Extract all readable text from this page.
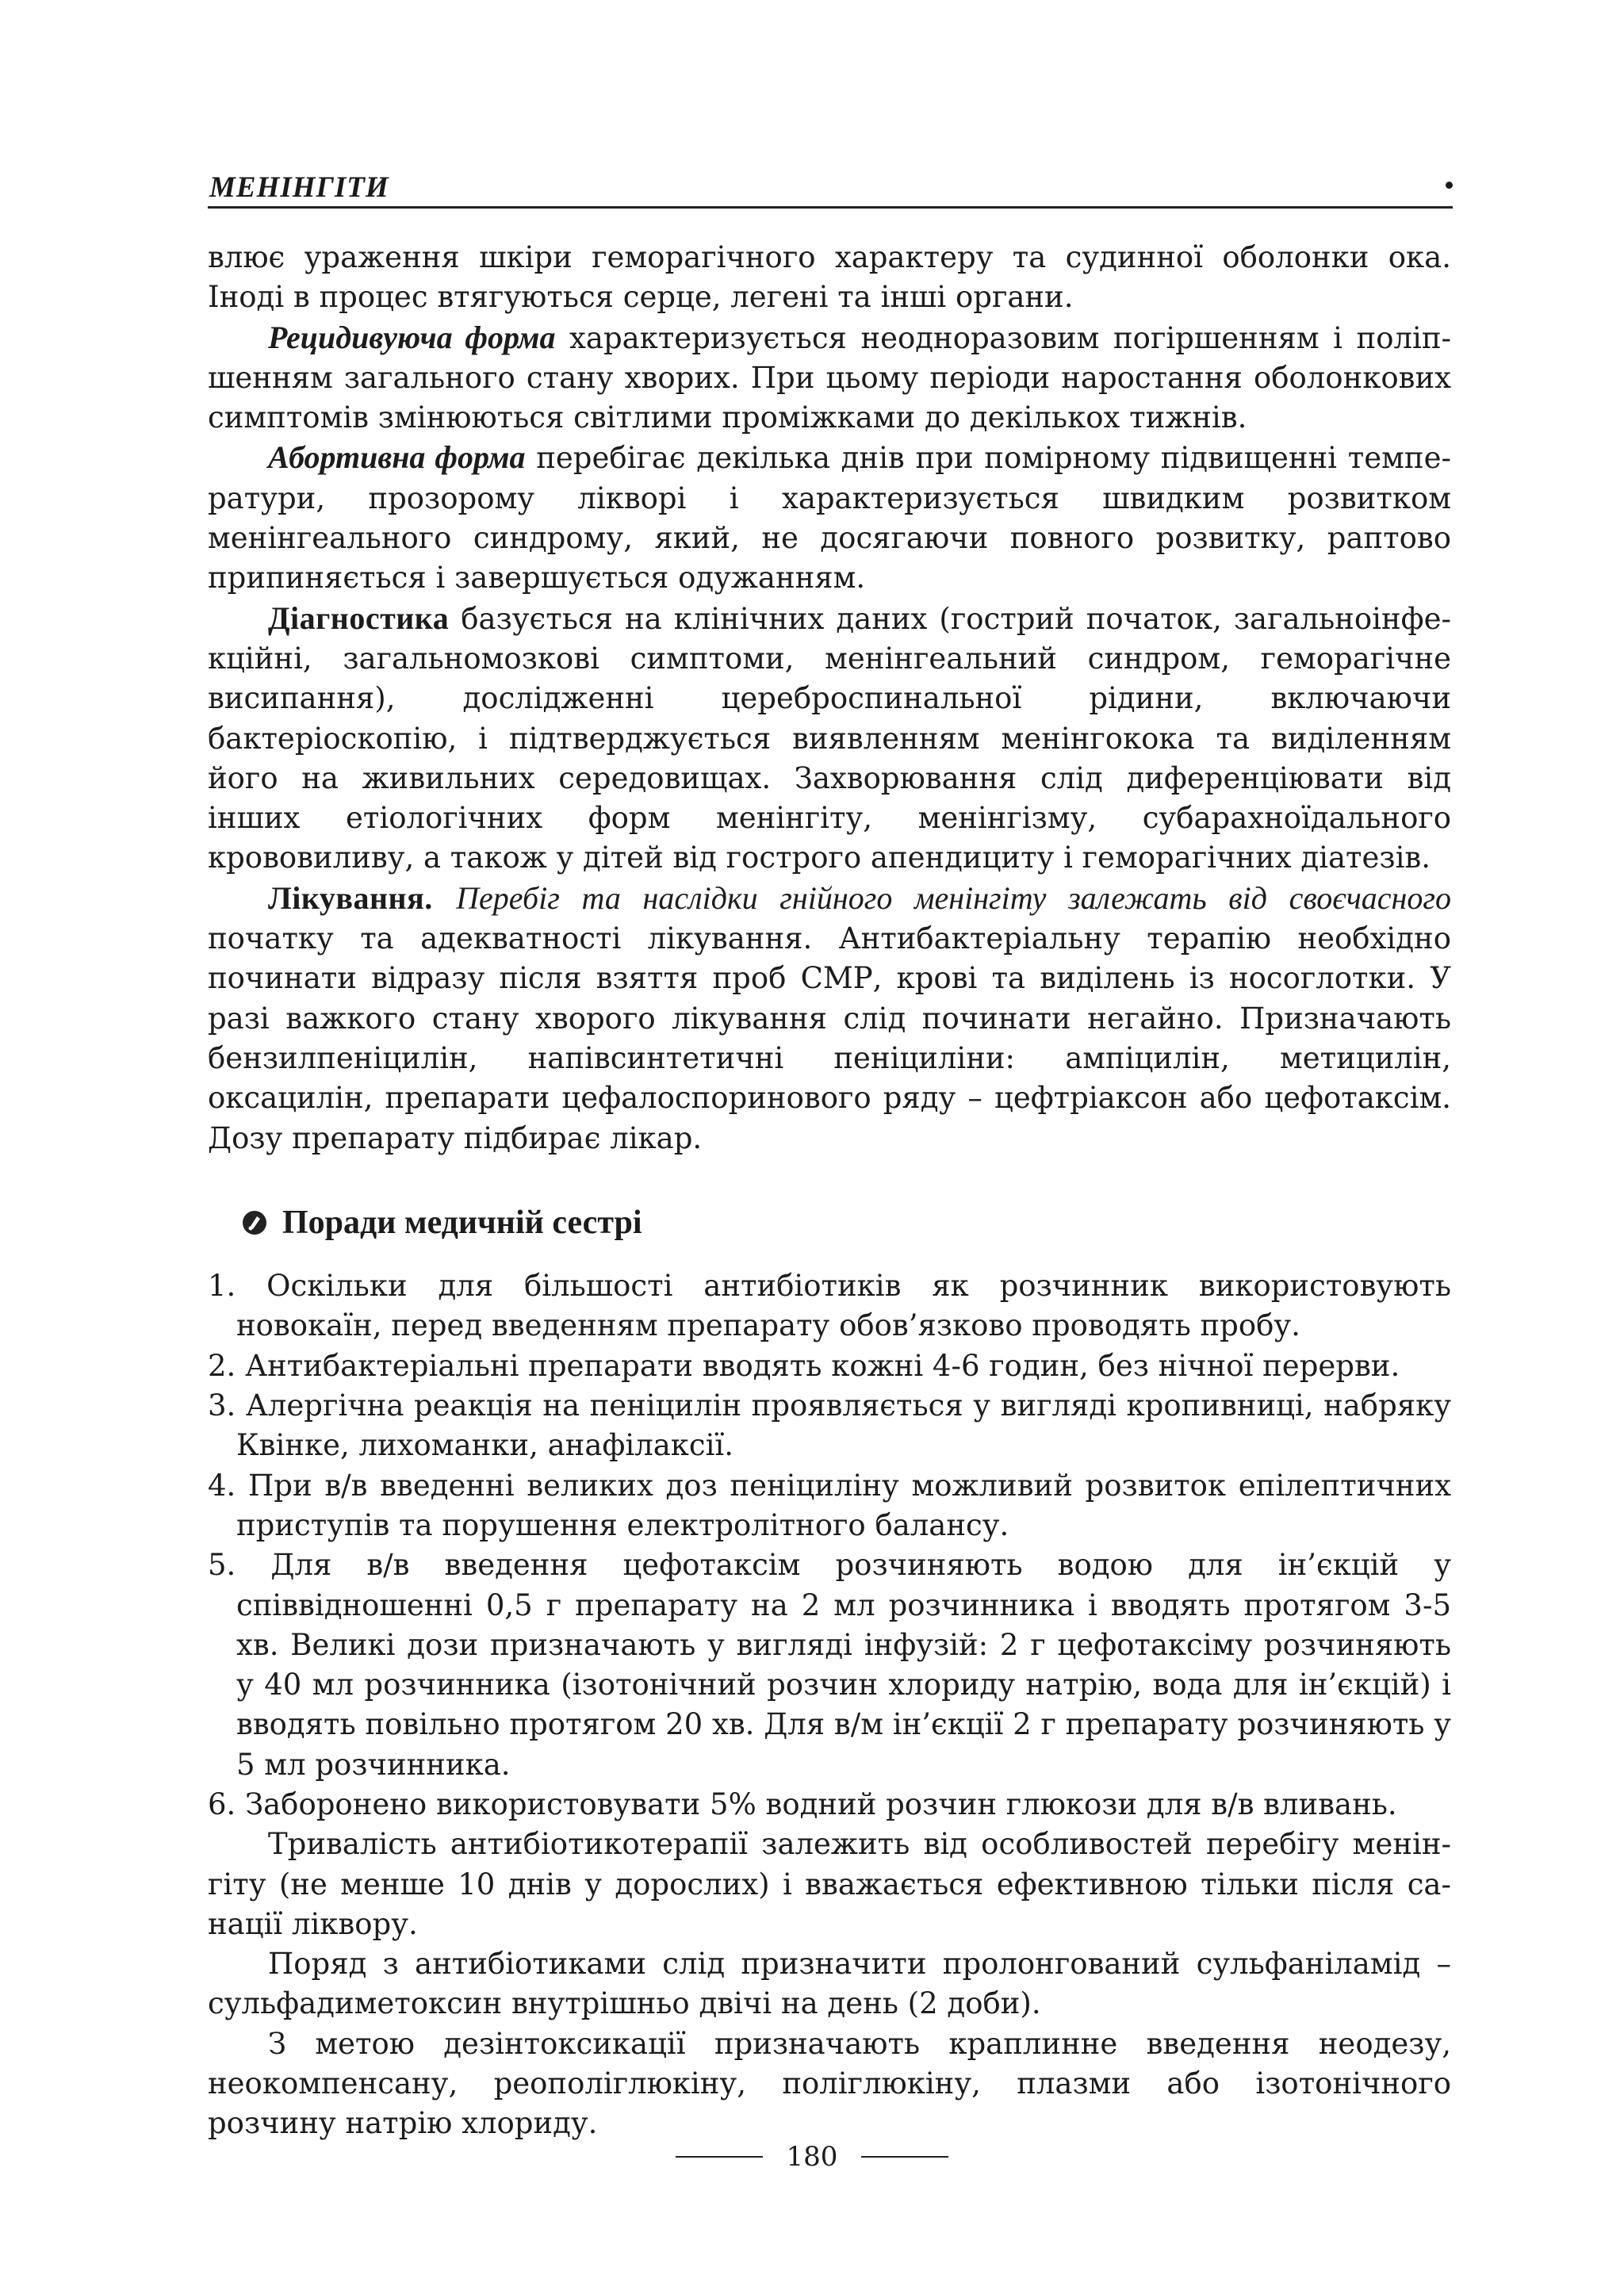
МЕНІНГІТИ

влює ураження шкіри геморагічного характеру та судинної оболонки ока. Іноді в процес втягуються серце, легені та інші органи.

Рецидивуюча форма характеризується неодноразовим погіршенням і поліпшенням загального стану хворих. При цьому періоди наростання оболонкових симптомів змінюються світлими проміжками до декількох тижнів.

Абортивна форма перебігає декілька днів при помірному підвищенні температури, прозорому ліквoрі і характеризується швидким розвитком менінгеального синдрому, який, не досягаючи повного розвитку, раптово припиняється і завершується одужанням.

Діагностика базується на клінічних даних (гострий початок, загальноінфекційні, загальномозкові симптоми, менінгеальний синдром, геморагічне висипання), дослідженні цереброспинальної рідини, включаючи бактеріоскопію, і підтверджується виявленням менінгокока та виділенням його на живильних середовищах. Захворювання слід диференціювати від інших етіологічних форм менінгіту, менінгізму, субарахноїдального крововиливу, а також у дітей від гострого апендициту і геморагічних діатезів.

Лікування. Перебіг та наслідки гнійного менінгіту залежать від своєчасного початку та адекватності лікування. Антибактеріальну терапію необхідно починати відразу після взяття проб СМР, крові та виділень із носоглотки. У разі важкого стану хворого лікування слід починати негайно. Призначають бензилпеніцилін, напівсинтетичні пеніциліни: ампіцилін, метицилін, оксацилін, препарати цефалоспоринового ряду – цефтріаксон або цефотаксім. Дозу препарату підбирає лікар.

Поради медичній сестрі
1. Оскільки для більшості антибіотиків як розчинник використовують новокаїн, перед введенням препарату обов’язково проводять пробу.
2. Антибактеріальні препарати вводять кожні 4-6 годин, без нічної перерви.
3. Алергічна реакція на пеніцилін проявляється у вигляді кропивниці, набряку Квінке, лихоманки, анафілаксії.
4. При в/в введенні великих доз пеніциліну можливий розвиток епілептичних приступів та порушення електролітного балансу.
5. Для в/в введення цефотаксім розчиняють водою для ін’єкцій у співвідношенні 0,5 г препарату на 2 мл розчинника і вводять протягом 3-5 хв. Великі дози призначають у вигляді інфузій: 2 г цефотаксіму розчиняють у 40 мл розчинника (ізотонічний розчин хлориду натрію, вода для ін’єкцій) і вводять повільно протягом 20 хв. Для в/м ін’єкції 2 г препарату розчиняють у 5 мл розчинника.
6. Заборонено використовувати 5% водний розчин глюкози для в/в вливань.

Тривалість антибіотикотерапії залежить від особливостей перебігу менінгіту (не менше 10 днів у дорослих) і вважається ефективною тільки після санації ліквору.

Поряд з антибіотиками слід призначити пролонгований сульфаніламід – сульфадиметоксин внутрішньо двічі на день (2 доби).

З метою дезінтоксикації призначають краплинне введення неодезу, неокомпенсану, реополіглюкіну, поліглюкіну, плазми або ізотонічного розчину натрію хлориду.

180
